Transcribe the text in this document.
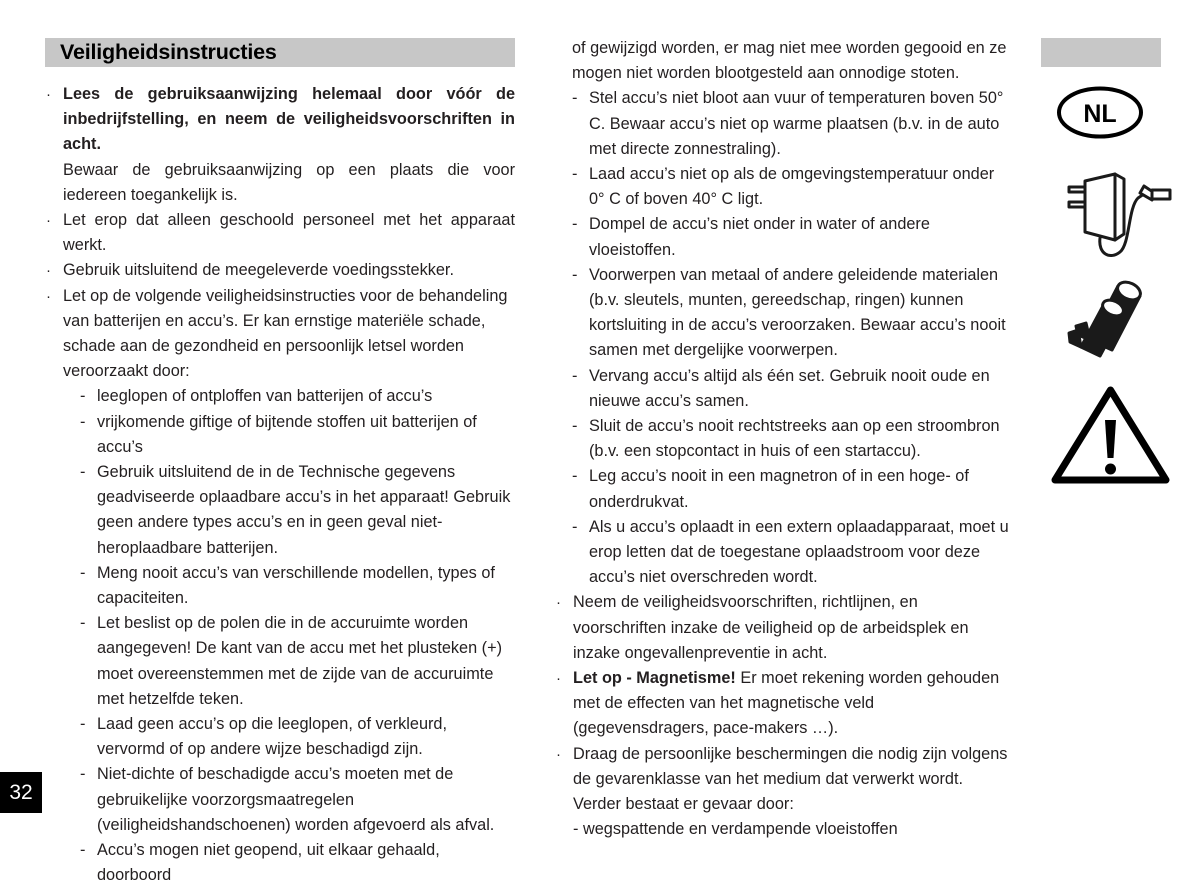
Veiligheidsinstructies
· Lees de gebruiksaanwijzing helemaal door vóór de inbedrijfstelling, en neem de veiligheidsvoorschriften in acht.

Bewaar de gebruiksaanwijzing op een plaats die voor iedereen toegankelijk is.

· Let erop dat alleen geschoold personeel met het apparaat werkt.

· Gebruik uitsluitend de meegeleverde voedingsstekker.

· Let op de volgende veiligheidsinstructies voor de behandeling van batterijen en accu’s. Er kan ernstige materiële schade, schade aan de gezondheid en persoonlijk letsel worden veroorzaakt door:

- leeglopen of ontploffen van batterijen of accu’s
- vrijkomende giftige of bijtende stoffen uit batterijen of accu’s
- Gebruik uitsluitend de in de Technische gegevens geadviseerde oplaadbare accu’s in het apparaat! Gebruik geen andere types accu’s en in geen geval niet-heroplaadbare batterijen.
- Meng nooit accu’s van verschillende modellen, types of capaciteiten.
- Let beslist op de polen die in de accuruimte worden aangegeven! De kant van de accu met het plusteken (+) moet overeenstemmen met de zijde van de accuruimte met hetzelfde teken.
- Laad geen accu’s op die leeglopen, of verkleurd, vervormd of op andere wijze beschadigd zijn.
- Niet-dichte of beschadigde accu’s moeten met de gebruikelijke voorzorgsmaatregelen (veiligheidshandschoenen) worden afgevoerd als afval.
- Accu’s mogen niet geopend, uit elkaar gehaald, doorboord

of gewijzigd worden, er mag niet mee worden gegooid en ze mogen niet worden blootgesteld aan onnodige stoten.

- Stel accu’s niet bloot aan vuur of temperaturen boven 50° C. Bewaar accu’s niet op warme plaatsen (b.v. in de auto met directe zonnestraling).
- Laad accu’s niet op als de omgevingstemperatuur onder 0° C of boven 40° C ligt.
- Dompel de accu’s niet onder in water of andere vloeistoffen.
- Voorwerpen van metaal of andere geleidende materialen (b.v. sleutels, munten, gereedschap, ringen) kunnen kortsluiting in de accu’s veroorzaken. Bewaar accu’s nooit samen met dergelijke voorwerpen.
- Vervang accu’s altijd als één set. Gebruik nooit oude en nieuwe accu’s samen.
- Sluit de accu’s nooit rechtstreeks aan op een stroombron (b.v. een stopcontact in huis of een startaccu).
- Leg accu’s nooit in een magnetron of in een hoge- of onderdrukvat.
- Als u accu’s oplaadt in een extern oplaadapparaat, moet u erop letten dat de toegestane oplaadstroom voor deze accu’s niet overschreden wordt.
· Neem de veiligheidsvoorschriften, richtlijnen, en voorschriften inzake de veiligheid op de arbeidsplek en inzake ongevallenpreventie in acht.

· Let op - Magnetisme! Er moet rekening worden gehouden met de effecten van het magnetische veld (gegevensdragers, pace-makers …).

· Draag de persoonlijke beschermingen die nodig zijn volgens de gevarenklasse van het medium dat verwerkt wordt. Verder bestaat er gevaar door:

- wegspattende en verdampende vloeistoffen

NL
32
